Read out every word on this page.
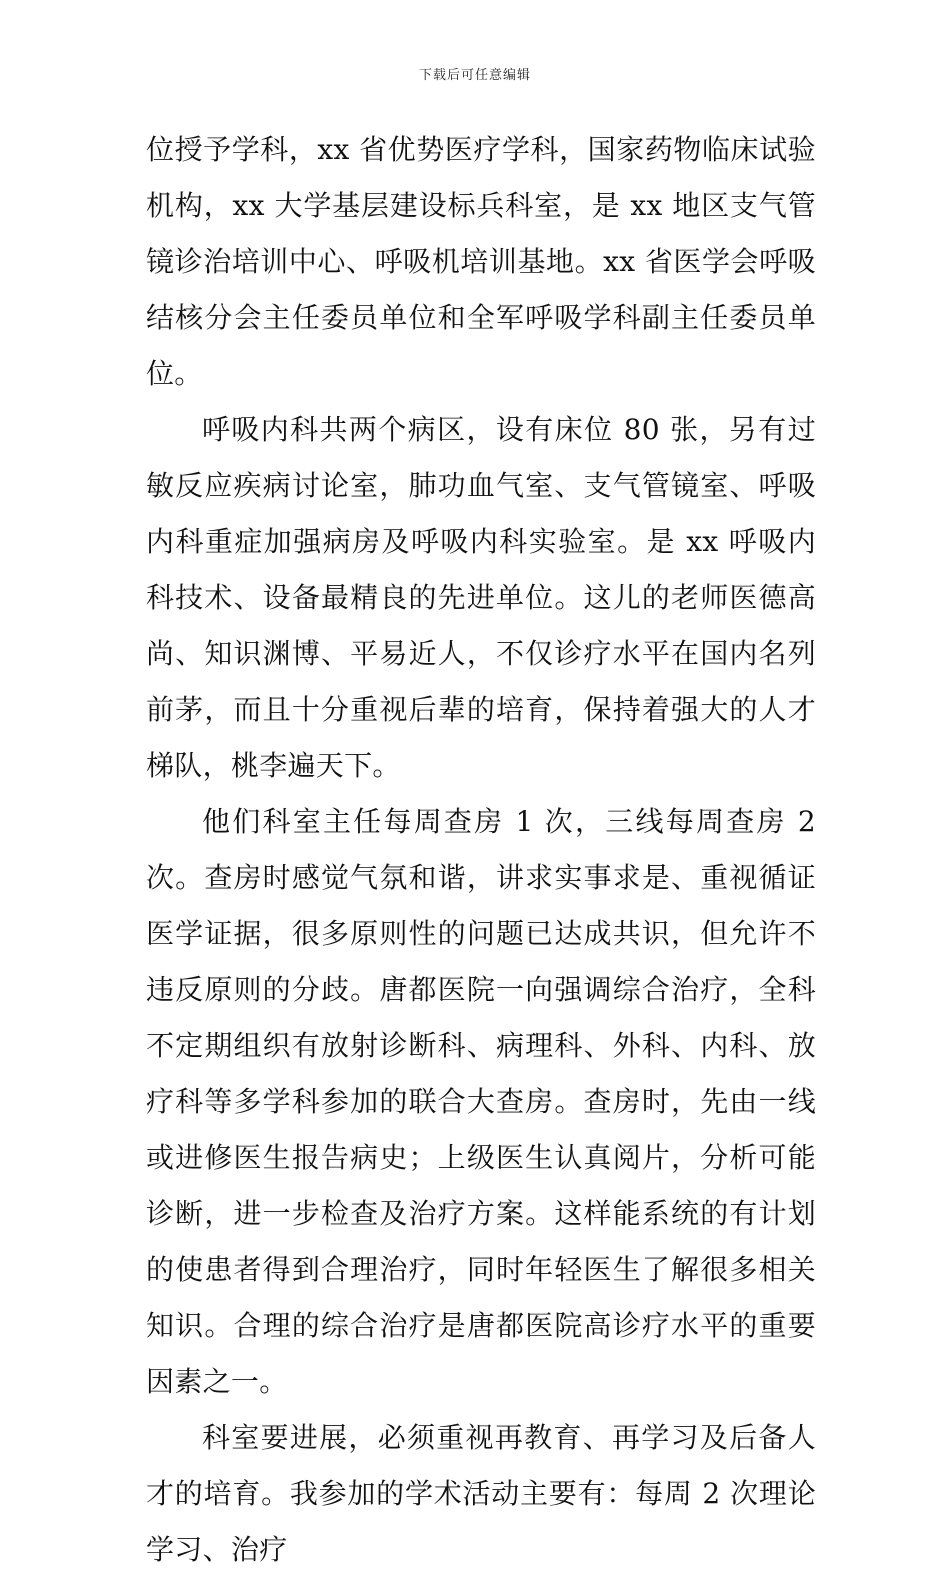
下载后可任意编辑

位授予学科，xx 省优势医疗学科，国家药物临床试验机构，xx 大学基层建设标兵科室，是 xx 地区支气管镜诊治培训中心、呼吸机培训基地。xx 省医学会呼吸结核分会主任委员单位和全军呼吸学科副主任委员单位。

呼吸内科共两个病区，设有床位 80 张，另有过敏反应疾病讨论室，肺功血气室、支气管镜室、呼吸内科重症加强病房及呼吸内科实验室。是 xx 呼吸内科技术、设备最精良的先进单位。这儿的老师医德高尚、知识渊博、平易近人，不仅诊疗水平在国内名列前茅，而且十分重视后辈的培育，保持着强大的人才梯队，桃李遍天下。

他们科室主任每周查房 1 次，三线每周查房 2 次。查房时感觉气氛和谐，讲求实事求是、重视循证医学证据，很多原则性的问题已达成共识，但允许不违反原则的分歧。唐都医院一向强调综合治疗，全科不定期组织有放射诊断科、病理科、外科、内科、放疗科等多学科参加的联合大查房。查房时，先由一线或进修医生报告病史；上级医生认真阅片，分析可能诊断，进一步检查及治疗方案。这样能系统的有计划的使患者得到合理治疗，同时年轻医生了解很多相关知识。合理的综合治疗是唐都医院高诊疗水平的重要因素之一。

科室要进展，必须重视再教育、再学习及后备人才的培育。我参加的学术活动主要有：每周 2 次理论学习、治疗
